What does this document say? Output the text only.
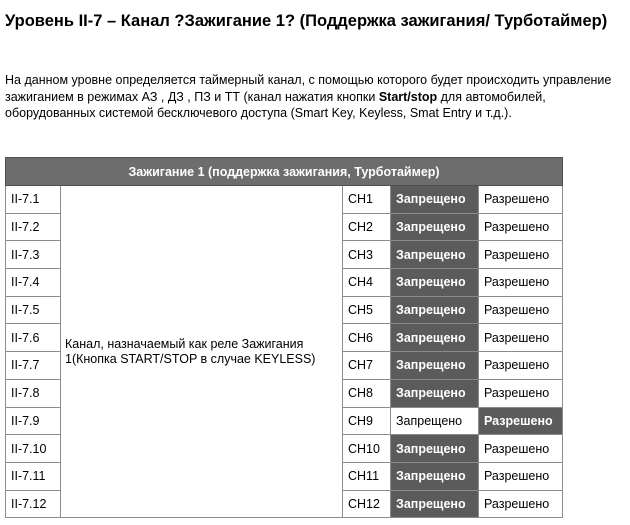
Уровень II-7 – Канал ?Зажигание 1? (Поддержка зажигания/ Турботаймер)

На данном уровне определяется таймерный канал, с помощью которого будет происходить управление зажиганием в режимах АЗ , ДЗ , ПЗ и ТТ (канал нажатия кнопки Start/stop для автомобилей, оборудованных системой бесключевого доступа (Smart Key, Keyless, Smat Entry и т.д.).

Зажигание 1 (поддержка зажигания, Турботаймер)				
II-7.1	Канал, назначаемый как реле Зажигания 1(Кнопка START/STOP в случае KEYLESS)	CH1	Запрещено	Разрешено
II-7.2		CH2	Запрещено	Разрешено
II-7.3		CH3	Запрещено	Разрешено
II-7.4		CH4	Запрещено	Разрешено
II-7.5		CH5	Запрещено	Разрешено
II-7.6		CH6	Запрещено	Разрешено
II-7.7		CH7	Запрещено	Разрешено
II-7.8		CH8	Запрещено	Разрешено
II-7.9		CH9	Запрещено	Разрешено
II-7.10		CH10	Запрещено	Разрешено
II-7.11		CH11	Запрещено	Разрешено
II-7.12		CH12	Запрещено	Разрешено
